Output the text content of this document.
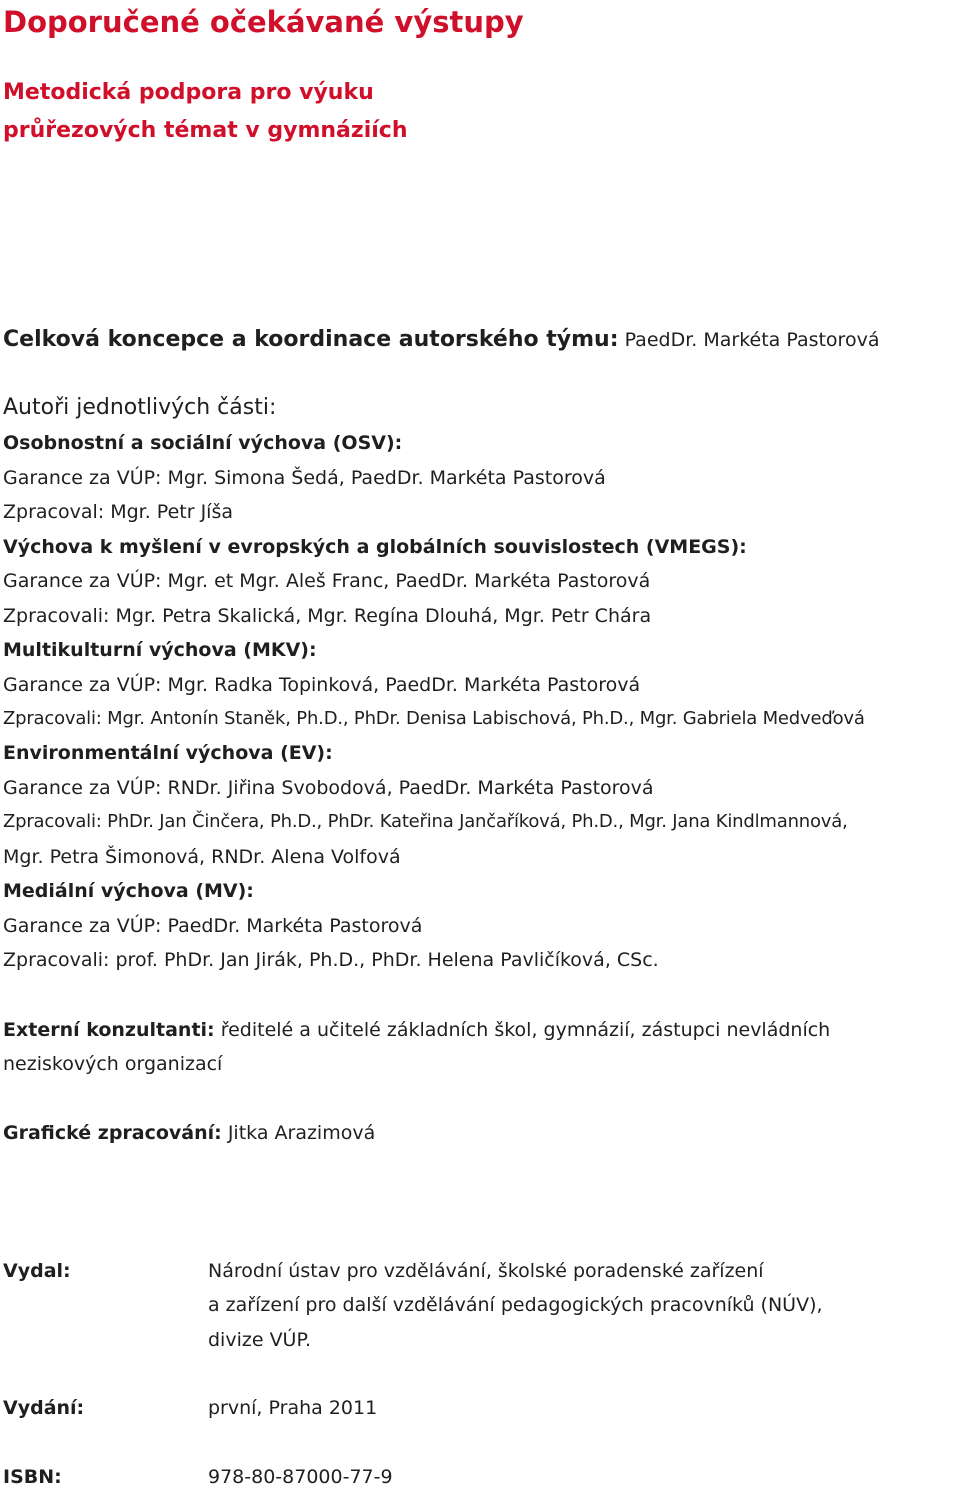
Doporučené očekávané výstupy
Metodická podpora pro výuku
průřezových témat v gymnáziích
Celková koncepce a koordinace autorského týmu: PaedDr. Markéta Pastorová
Autoři jednotlivých části:
Osobnostní a sociální výchova (OSV):
Garance za VÚP: Mgr. Simona Šedá, PaedDr. Markéta Pastorová
Zpracoval: Mgr. Petr Jíša
Výchova k myšlení v evropských a globálních souvislostech (VMEGS):
Garance za VÚP: Mgr. et Mgr. Aleš Franc, PaedDr. Markéta Pastorová
Zpracovali: Mgr. Petra Skalická, Mgr. Regína Dlouhá, Mgr. Petr Chára
Multikulturní výchova (MKV):
Garance za VÚP: Mgr. Radka Topinková, PaedDr. Markéta Pastorová
Zpracovali: Mgr. Antonín Staněk, Ph.D., PhDr. Denisa Labischová, Ph.D., Mgr. Gabriela Medveďová
Environmentální výchova (EV):
Garance za VÚP: RNDr. Jiřina Svobodová, PaedDr. Markéta Pastorová
Zpracovali: PhDr. Jan Činčera, Ph.D., PhDr. Kateřina Jančaříková, Ph.D., Mgr. Jana Kindlmannová,
Mgr. Petra Šimonová, RNDr. Alena Volfová
Mediální výchova (MV):
Garance za VÚP: PaedDr. Markéta Pastorová
Zpracovali: prof. PhDr. Jan Jirák, Ph.D., PhDr. Helena Pavličíková, CSc.
Externí konzultanti: ředitelé a učitelé základních škol, gymnázií, zástupci nevládních
neziskových organizací
Grafické zpracování: Jitka Arazimová
Vydal:	Národní ústav pro vzdělávání, školské poradenské zařízení
a zařízení pro další vzdělávání pedagogických pracovníků (NÚV),
divize VÚP.
Vydání:	první, Praha 2011
ISBN:	978-80-87000-77-9
